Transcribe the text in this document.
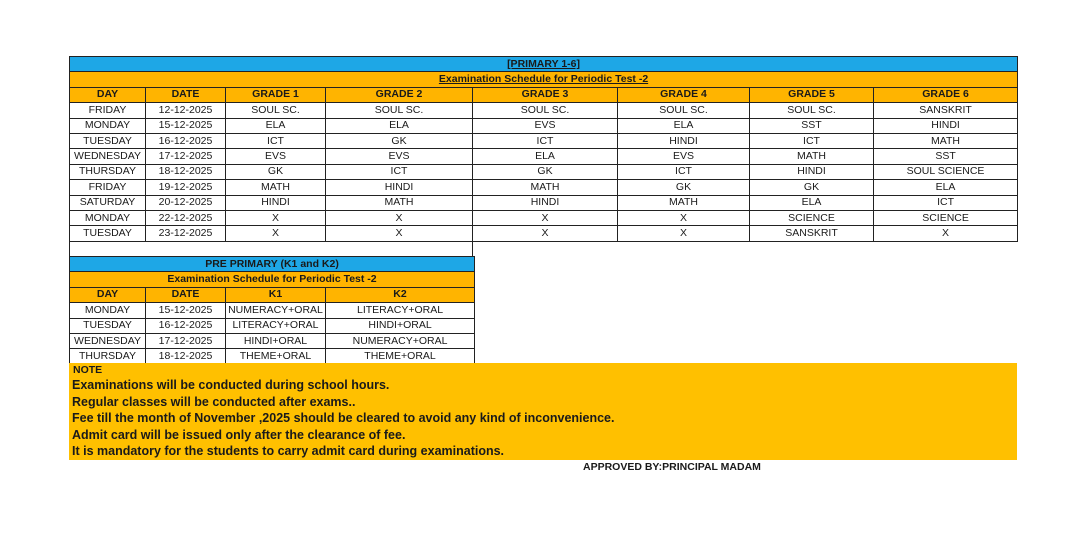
[PRIMARY 1-6]							
Examination Schedule for Periodic Test -2							
DAY	DATE	GRADE 1	GRADE 2	GRADE 3	GRADE 4	GRADE 5	GRADE 6
FRIDAY	12-12-2025	SOUL SC.	SOUL SC.	SOUL SC.	SOUL SC.	SOUL SC.	SANSKRIT
MONDAY	15-12-2025	ELA	ELA	EVS	ELA	SST	HINDI
TUESDAY	16-12-2025	ICT	GK	ICT	HINDI	ICT	MATH
WEDNESDAY	17-12-2025	EVS	EVS	ELA	EVS	MATH	SST
THURSDAY	18-12-2025	GK	ICT	GK	ICT	HINDI	SOUL SCIENCE
FRIDAY	19-12-2025	MATH	HINDI	MATH	GK	GK	ELA
SATURDAY	20-12-2025	HINDI	MATH	HINDI	MATH	ELA	ICT
MONDAY	22-12-2025	X	X	X	X	SCIENCE	SCIENCE
TUESDAY	23-12-2025	X	X	X	X	SANSKRIT	X
PRE PRIMARY (K1 and K2)			
Examination Schedule for Periodic Test -2			
DAY	DATE	K1	K2
MONDAY	15-12-2025	NUMERACY+ORAL	LITERACY+ORAL
TUESDAY	16-12-2025	LITERACY+ORAL	HINDI+ORAL
WEDNESDAY	17-12-2025	HINDI+ORAL	NUMERACY+ORAL
THURSDAY	18-12-2025	THEME+ORAL	THEME+ORAL
NOTE
Examinations will be conducted during school hours.
Regular classes will be conducted after exams..
Fee till the month of November ,2025 should be cleared to avoid any kind of inconvenience.
Admit card will be issued only after the clearance of fee.
It is mandatory for the students to carry admit card during examinations.
APPROVED BY:PRINCIPAL MADAM
